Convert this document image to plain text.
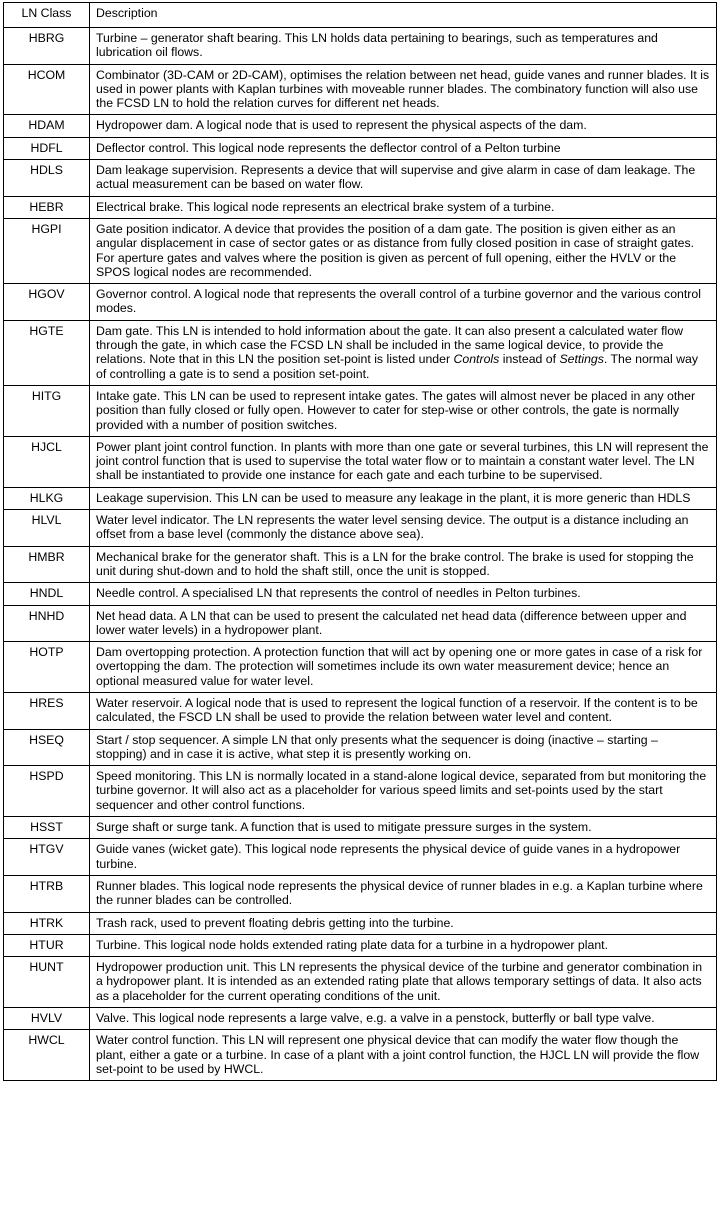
LN Class	Description
HBRG	Turbine – generator shaft bearing. This LN holds data pertaining to bearings, such as temperatures and lubrication oil flows.
HCOM	Combinator (3D-CAM or 2D-CAM), optimises the relation between net head, guide vanes and runner blades. It is used in power plants with Kaplan turbines with moveable runner blades. The combinatory function will also use the FCSD LN to hold the relation curves for different net heads.
HDAM	Hydropower dam. A logical node that is used to represent the physical aspects of the dam.
HDFL	Deflector control. This logical node represents the deflector control of a Pelton turbine
HDLS	Dam leakage supervision. Represents a device that will supervise and give alarm in case of dam leakage. The actual measurement can be based on water flow.
HEBR	Electrical brake. This logical node represents an electrical brake system of a turbine.
HGPI	Gate position indicator. A device that provides the position of a dam gate. The position is given either as an angular displacement in case of sector gates or as distance from fully closed position in case of straight gates. For aperture gates and valves where the position is given as percent of full opening, either the HVLV or the SPOS logical nodes are recommended.
HGOV	Governor control. A logical node that represents the overall control of a turbine governor and the various control modes.
HGTE	Dam gate. This LN is intended to hold information about the gate. It can also present a calculated water flow through the gate, in which case the FCSD LN shall be included in the same logical device, to provide the relations. Note that in this LN the position set-point is listed under Controls instead of Settings. The normal way of controlling a gate is to send a position set-point.
HITG	Intake gate. This LN can be used to represent intake gates. The gates will almost never be placed in any other position than fully closed or fully open. However to cater for step-wise or other controls, the gate is normally provided with a number of position switches.
HJCL	Power plant joint control function. In plants with more than one gate or several turbines, this LN will represent the joint control function that is used to supervise the total water flow or to maintain a constant water level. The LN shall be instantiated to provide one instance for each gate and each turbine to be supervised.
HLKG	Leakage supervision. This LN can be used to measure any leakage in the plant, it is more generic than HDLS
HLVL	Water level indicator. The LN represents the water level sensing device. The output is a distance including an offset from a base level (commonly the distance above sea).
HMBR	Mechanical brake for the generator shaft. This is a LN for the brake control. The brake is used for stopping the unit during shut-down and to hold the shaft still, once the unit is stopped.
HNDL	Needle control. A specialised LN that represents the control of needles in Pelton turbines.
HNHD	Net head data. A LN that can be used to present the calculated net head data (difference between upper and lower water levels) in a hydropower plant.
HOTP	Dam overtopping protection. A protection function that will act by opening one or more gates in case of a risk for overtopping the dam. The protection will sometimes include its own water measurement device; hence an optional measured value for water level.
HRES	Water reservoir. A logical node that is used to represent the logical function of a reservoir. If the content is to be calculated, the FSCD LN shall be used to provide the relation between water level and content.
HSEQ	Start / stop sequencer. A simple LN that only presents what the sequencer is doing (inactive – starting – stopping) and in case it is active, what step it is presently working on.
HSPD	Speed monitoring. This LN is normally located in a stand-alone logical device, separated from but monitoring the turbine governor. It will also act as a placeholder for various speed limits and set-points used by the start sequencer and other control functions.
HSST	Surge shaft or surge tank. A function that is used to mitigate pressure surges in the system.
HTGV	Guide vanes (wicket gate). This logical node represents the physical device of guide vanes in a hydropower turbine.
HTRB	Runner blades. This logical node represents the physical device of runner blades in e.g. a Kaplan turbine where the runner blades can be controlled.
HTRK	Trash rack, used to prevent floating debris getting into the turbine.
HTUR	Turbine. This logical node holds extended rating plate data for a turbine in a hydropower plant.
HUNT	Hydropower production unit. This LN represents the physical device of the turbine and generator combination in a hydropower plant. It is intended as an extended rating plate that allows temporary settings of data. It also acts as a placeholder for the current operating conditions of the unit.
HVLV	Valve. This logical node represents a large valve, e.g. a valve in a penstock, butterfly or ball type valve.
HWCL	Water control function. This LN will represent one physical device that can modify the water flow though the plant, either a gate or a turbine. In case of a plant with a joint control function, the HJCL LN will provide the flow set-point to be used by HWCL.
